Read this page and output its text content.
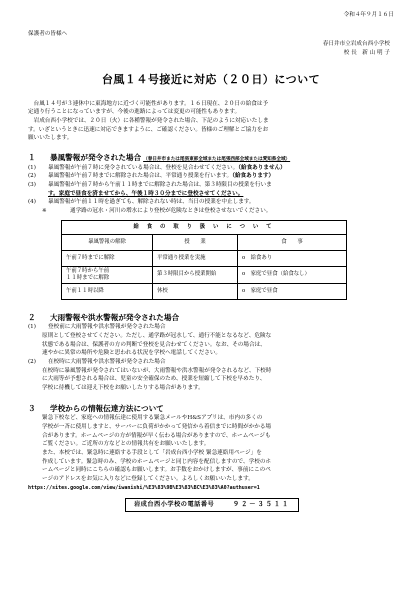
令和４年９月１６日
保護者の皆様へ
春日井市立岩成台西小学校
校 長　新 山 明 子
台風１４号接近に対応（２０日）について

台風１４号が３連休中に東海地方に近づく可能性があります。１６日現在、２０日の給食は予

定通り行うことになっていますが、今後の進路によっては変更の可能性もあります。

岩成台西小学校では、２０日（火）に各種警報が発令された場合、下記のように対応いたしま

す。いざというときに迅速に対応できますように、ご確認ください。皆様のご理解とご協力をお

願いいたします。

１	暴風警報が発令された場合 （春日井市または尾張東部全域または尾張西部全域または愛知県全域）
(1)	暴風警報が午前７時に発令されている場合は、登校を見合わせてください。（給食ありません）
(2)	暴風警報が午前７時までに解除された場合は、平常通り授業を行います。（給食あります）
(3)	暴風警報が午前７時から午前１１時までに解除された場合は、第３時限目の授業を行いま
す。家庭で昼食を済ませてから、午後１時３０分までに登校させてください。
(4)	暴風警報が午前１１時を過ぎても、解除されない時は、当日の授業を中止します。
※	通学路の冠水・河川の増水により登校が危険なときは登校させないでください。
給 食 の 取 り 扱 い に つ い て		
暴風警報の解除	授　　業	食　　事
午前７時までに解除	平常通り授業を実施	o　給食あり
午前７時から午前
１１時までに解除	第３時限目から授業開始	o　家庭で昼食（給食なし）
午前１１時以降	休校	o　家庭で昼食
２	大雨警報や洪水警報が発令された場合
(1)	登校前に大雨警報や洪水警報が発令された場合
原則として登校させてください。ただし、通学路が冠水して、通行不能となるなど、危険な
状態である場合は、保護者の方の判断で登校を見合わせてください。なお、その場合は、
速やかに異常の場所や危険と思われる状況を学校へ電話してください。
(2)	在校時に大雨警報や洪水警報が発令された場合
在校時に暴風警報が発令されてはいないが、大雨警報や洪水警報が発令されるなど、下校時
に大雨等が予想される場合は、児童の安全確保のため、授業を短縮して下校を早めたり、
学校に待機しては迎え下校をお願いしたりする場合があります。
３	学校からの情報伝達方法について
緊急下校など、家庭への情報伝達に使用する緊急メールやH&Sアプリは、市内の多くの
学校が一斉に使用しますと、サーバーに負荷がかかって発信から着信までに時間がかかる場
合があります。ホームページの方が情報が早く伝わる場合がありますので、ホームページも
ご覧ください。ご近所の方などとの情報共有をお願いいたします。
また、本校では、緊急時に連絡する手段として「岩成台西小学校 緊急連絡用ページ」を
作成しています。緊急時のみ、学校のホームページと同じ内容を配信しますので、学校のホ
ームページと同時にこちらの確認もお願いします。お手数をおかけしますが、事前にこのペ
ージのアドレスをお気に入りなどに登録してください。よろしくお願いいたします。
https://sites.google.com/view/iwanishi/%E3%83%9B%E3%83%BC%E3%83%A0?authuser=1
岩成台西小学校の電話番号	９２－３５１１
